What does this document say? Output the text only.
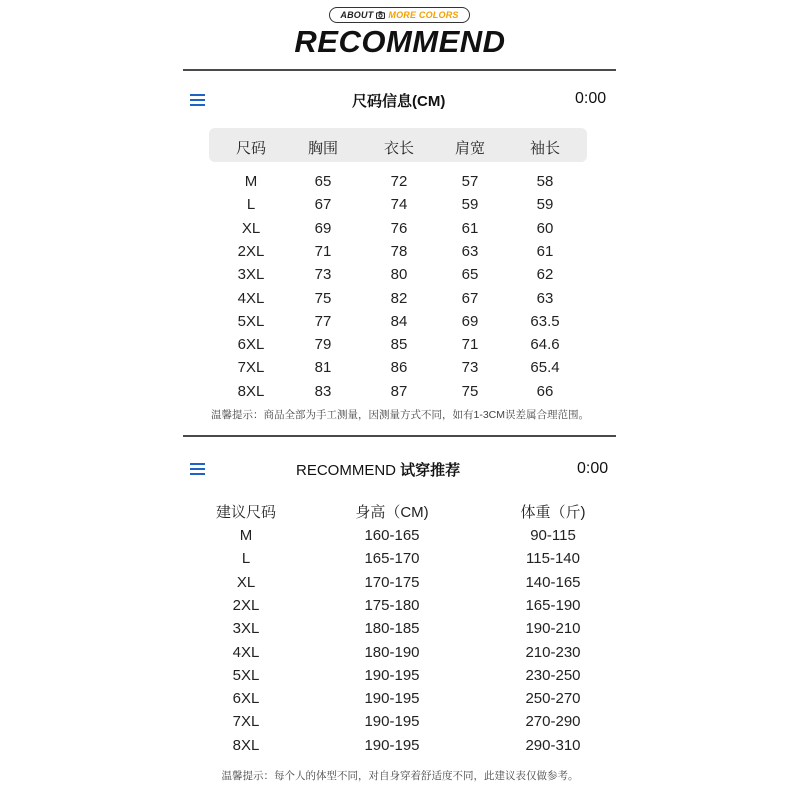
ABOUT MORE COLORS
RECOMMEND
尺码信息(CM)	0:00
尺码	胸围	衣长	肩宽	袖长
M	65	72	57	58
L	67	74	59	59
XL	69	76	61	60
2XL	71	78	63	61
3XL	73	80	65	62
4XL	75	82	67	63
5XL	77	84	69	63.5
6XL	79	85	71	64.6
7XL	81	86	73	65.4
8XL	83	87	75	66
温馨提示：商品全部为手工测量，因测量方式不同，如有1-3CM误差属合理范围。
RECOMMEND 试穿推荐	0:00
建议尺码	身高（CM)	体重（斤)
M	160-165	90-115
L	165-170	115-140
XL	170-175	140-165
2XL	175-180	165-190
3XL	180-185	190-210
4XL	180-190	210-230
5XL	190-195	230-250
6XL	190-195	250-270
7XL	190-195	270-290
8XL	190-195	290-310
温馨提示：每个人的体型不同，对自身穿着舒适度不同，此建议表仅做参考。
